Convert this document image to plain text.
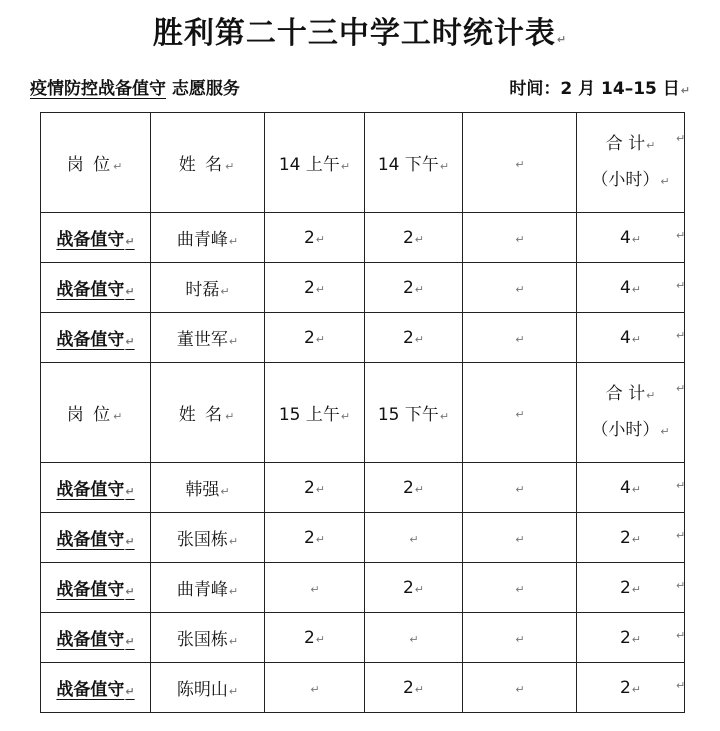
胜利第二十三中学工时统计表↵
疫情防控战备值守 志愿服务	时间：2 月 14–15 日↵
岗 位↵	姓 名↵	14 上午↵	14 下午↵	↵	合 计↵
（小时）↵

战备值守↵	曲青峰↵	2↵	2↵	↵	4↵
战备值守↵	时磊↵	2↵	2↵	↵	4↵
战备值守↵	董世军↵	2↵	2↵	↵	4↵
岗 位↵	姓 名↵	15 上午↵	15 下午↵	↵	合 计↵
（小时）↵

战备值守↵	韩强↵	2↵	2↵	↵	4↵
战备值守↵	张国栋↵	2↵	↵	↵	2↵
战备值守↵	曲青峰↵	↵	2↵	↵	2↵
战备值守↵	张国栋↵	2↵	↵	↵	2↵
战备值守↵	陈明山↵	↵	2↵	↵	2↵
↵
↵
↵
↵
↵
↵
↵
↵
↵
↵
